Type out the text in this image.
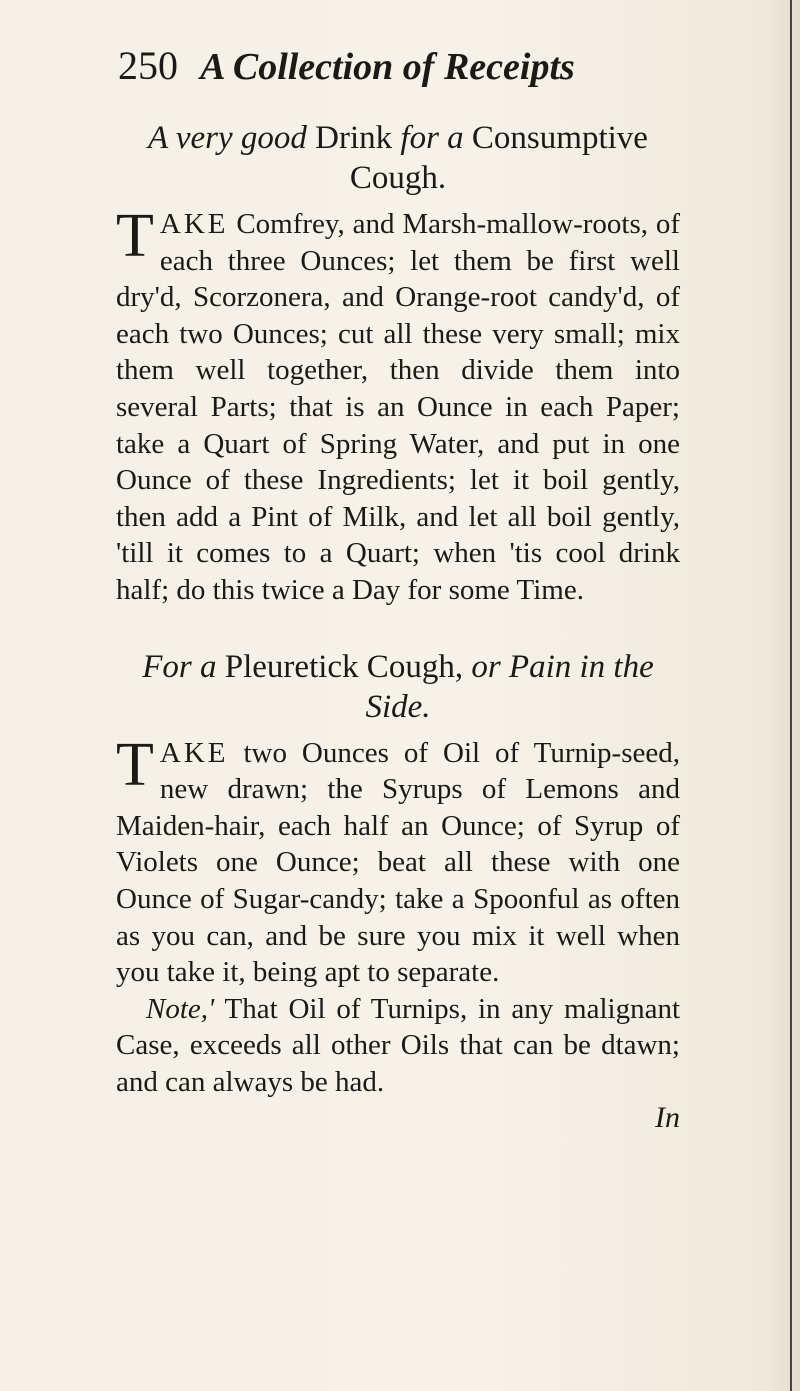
250 A Collection of Receipts

A very good Drink for a Consumptive Cough.

TAKE Comfrey, and Marsh-mallow-roots, of each three Ounces; let them be first well dry'd, Scorzonera, and Orange-root candy'd, of each two Ounces; cut all these very small; mix them well together, then divide them into several Parts; that is an Ounce in each Paper; take a Quart of Spring Water, and put in one Ounce of these Ingredients; let it boil gently, then add a Pint of Milk, and let all boil gently, 'till it comes to a Quart; when 'tis cool drink half; do this twice a Day for some Time.

For a Pleuretick Cough, or Pain in the Side.

TAKE two Ounces of Oil of Turnip-seed, new drawn; the Syrups of Lemons and Maiden-hair, each half an Ounce; of Syrup of Violets one Ounce; beat all these with one Ounce of Sugar-candy; take a Spoonful as often as you can, and be sure you mix it well when you take it, being apt to separate.

Note,' That Oil of Turnips, in any malignant Case, exceeds all other Oils that can be dtawn; and can always be had.

In
